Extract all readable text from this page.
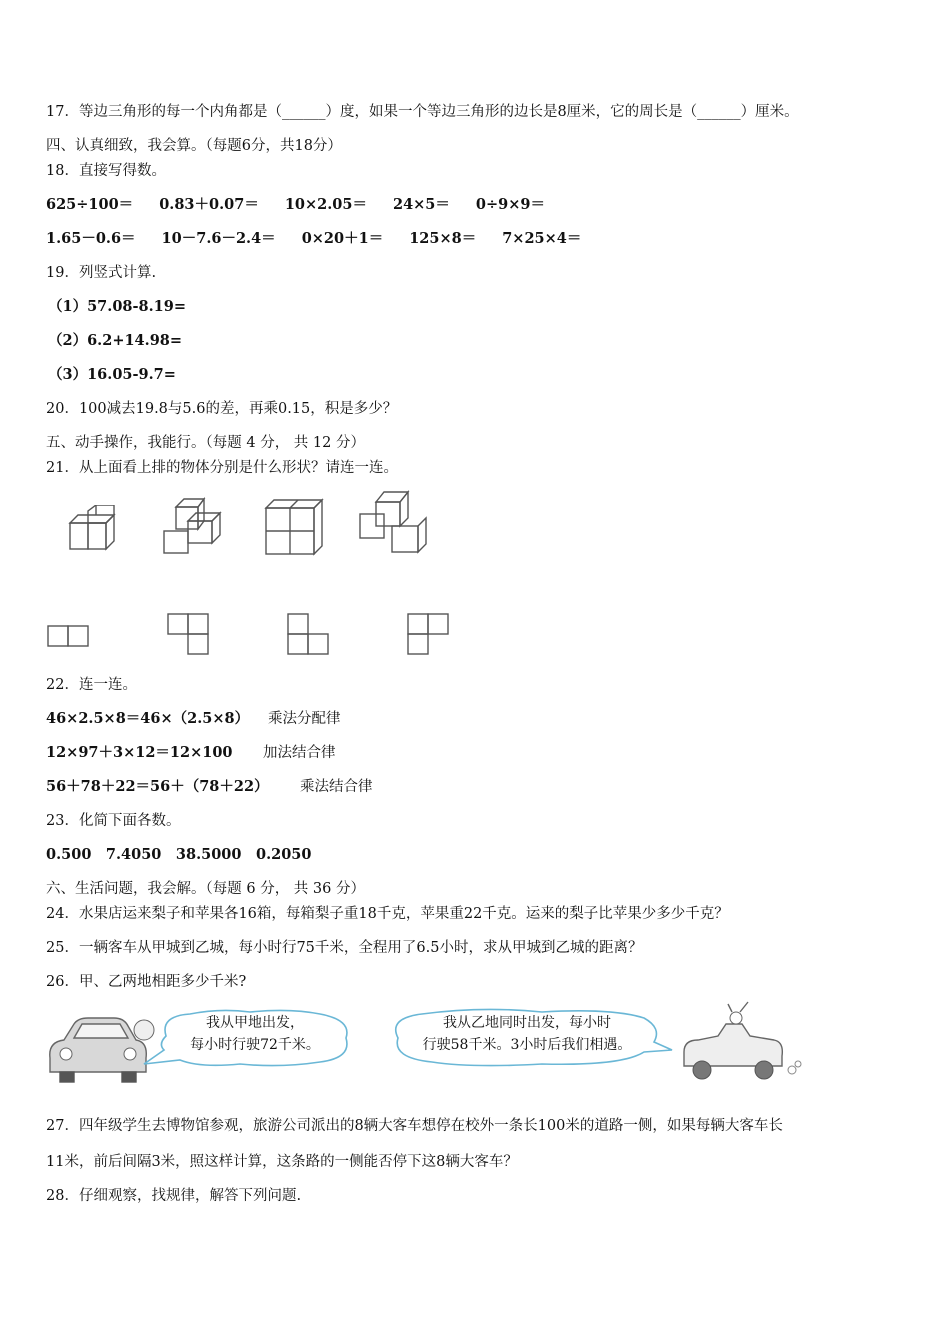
17．等边三角形的每一个内角都是（______）度，如果一个等边三角形的边长是8厘米，它的周长是（______）厘米。
四、认真细致，我会算。（每题6分，共18分）
18．直接写得数。
625÷100＝ 0.83＋0.07＝ 10×2.05＝ 24×5＝ 0÷9×9＝
1.65－0.6＝ 10－7.6－2.4＝ 0×20＋1＝ 125×8＝ 7×25×4＝
19．列竖式计算.
（1）57.08-8.19=
（2）6.2+14.98=
（3）16.05-9.7=
20．100减去19.8与5.6的差，再乘0.15，积是多少？
五、动手操作，我能行。（每题 4 分， 共 12 分）
21．从上面看上排的物体分别是什么形状？请连一连。
22．连一连。
46×2.5×8＝46×（2.5×8） 乘法分配律
12×97＋3×12＝12×100 加法结合律
56＋78＋22＝56＋（78＋22） 乘法结合律
23．化简下面各数。
0.500　7.4050　38.5000　0.2050
六、生活问题，我会解。（每题 6 分， 共 36 分）
24．水果店运来梨子和苹果各16箱，每箱梨子重18千克，苹果重22千克。运来的梨子比苹果少多少千克？
25．一辆客车从甲城到乙城，每小时行75千米，全程用了6.5小时，求从甲城到乙城的距离？
26．甲、乙两地相距多少千米?
我从甲地出发，
每小时行驶72千米。
我从乙地同时出发，每小时
行驶58千米。3小时后我们相遇。
27．四年级学生去博物馆参观，旅游公司派出的8辆大客车想停在校外一条长100米的道路一侧，如果每辆大客车长
11米，前后间隔3米，照这样计算，这条路的一侧能否停下这8辆大客车？
28．仔细观察，找规律，解答下列问题.
